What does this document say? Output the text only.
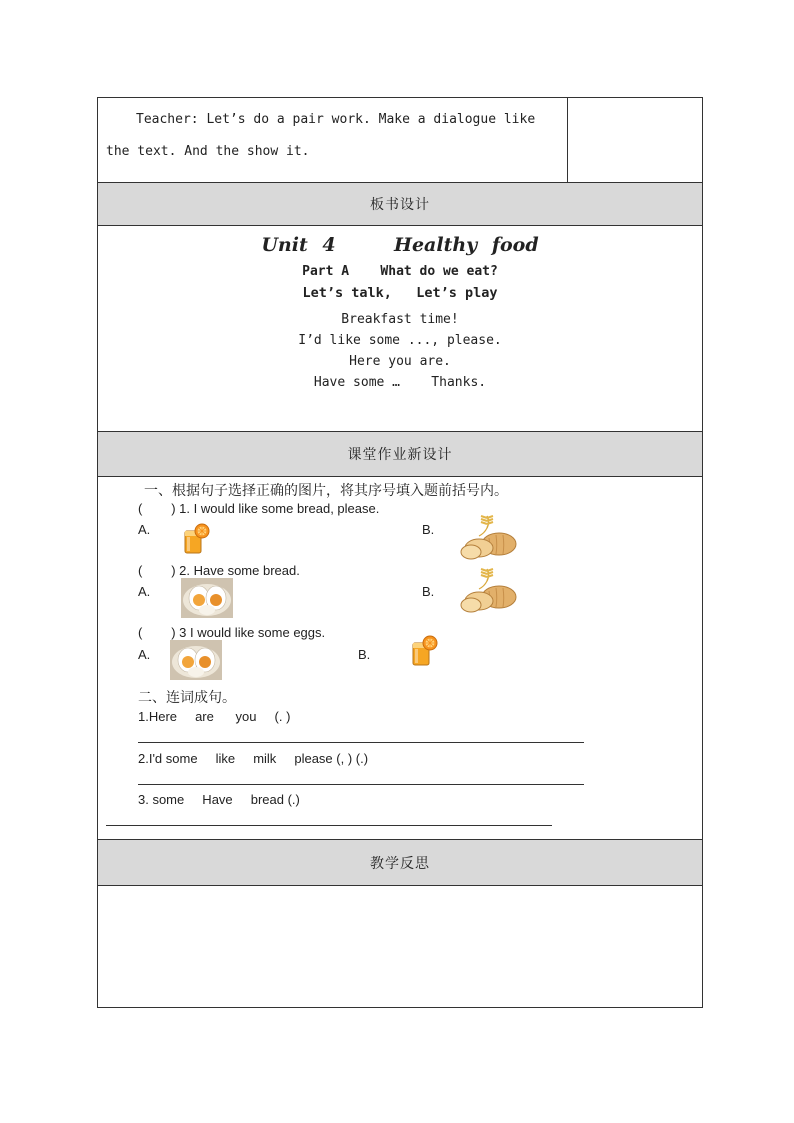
Teacher: Let’s do a pair work. Make a dialogue like

the text. And the show it.
板书设计
Unit 4    Healthy food
Part A    What do we eat?
Let’s talk,   Let’s play
Breakfast time!
I’d like some ..., please.
Here you are.
Have some …    Thanks.
课堂作业新设计
一、根据句子选择正确的图片，将其序号填入题前括号内。
(        ) 1. I would like some bread, please.
A.	B.
(        ) 2. Have some bread.
A.	B.
(        ) 3 I would like some eggs.
A.	B.
二、连词成句。
1.Here     are      you     (. )
2.I'd some     like     milk     please (, ) (.)
3. some     Have     bread (.)
教学反思
